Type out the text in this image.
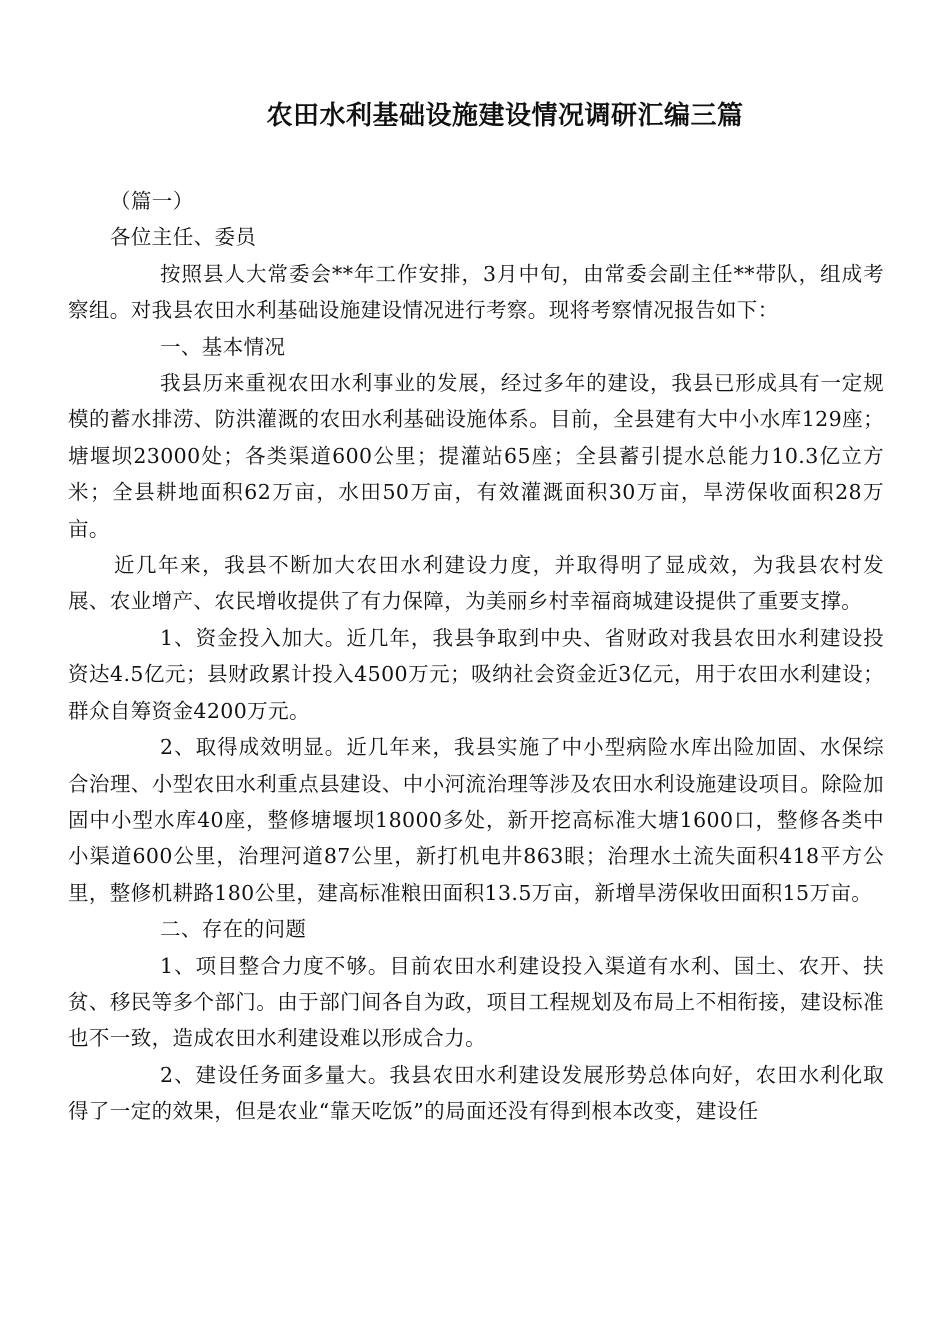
农田水利基础设施建设情况调研汇编三篇

（篇一）

各位主任、委员

按照县人大常委会**年工作安排，3月中旬，由常委会副主任**带队，组成考察组。对我县农田水利基础设施建设情况进行考察。现将考察情况报告如下：

一、基本情况

我县历来重视农田水利事业的发展，经过多年的建设，我县已形成具有一定规模的蓄水排涝、防洪灌溉的农田水利基础设施体系。目前，全县建有大中小水库129座；塘堰坝23000处；各类渠道600公里；提灌站65座；全县蓄引提水总能力10.3亿立方米；全县耕地面积62万亩，水田50万亩，有效灌溉面积30万亩，旱涝保收面积28万亩。

近几年来，我县不断加大农田水利建设力度，并取得明了显成效，为我县农村发展、农业增产、农民增收提供了有力保障，为美丽乡村幸福商城建设提供了重要支撑。

1、资金投入加大。近几年，我县争取到中央、省财政对我县农田水利建设投资达4.5亿元；县财政累计投入4500万元；吸纳社会资金近3亿元，用于农田水利建设；群众自筹资金4200万元。

2、取得成效明显。近几年来，我县实施了中小型病险水库出险加固、水保综合治理、小型农田水利重点县建设、中小河流治理等涉及农田水利设施建设项目。除险加固中小型水库40座，整修塘堰坝18000多处，新开挖高标准大塘1600口，整修各类中小渠道600公里，治理河道87公里，新打机电井863眼；治理水土流失面积418平方公里，整修机耕路180公里，建高标准粮田面积13.5万亩，新增旱涝保收田面积15万亩。

二、存在的问题

1、项目整合力度不够。目前农田水利建设投入渠道有水利、国土、农开、扶贫、移民等多个部门。由于部门间各自为政，项目工程规划及布局上不相衔接，建设标准也不一致，造成农田水利建设难以形成合力。

2、建设任务面多量大。我县农田水利建设发展形势总体向好，农田水利化取得了一定的效果，但是农业“靠天吃饭”的局面还没有得到根本改变，建设任
